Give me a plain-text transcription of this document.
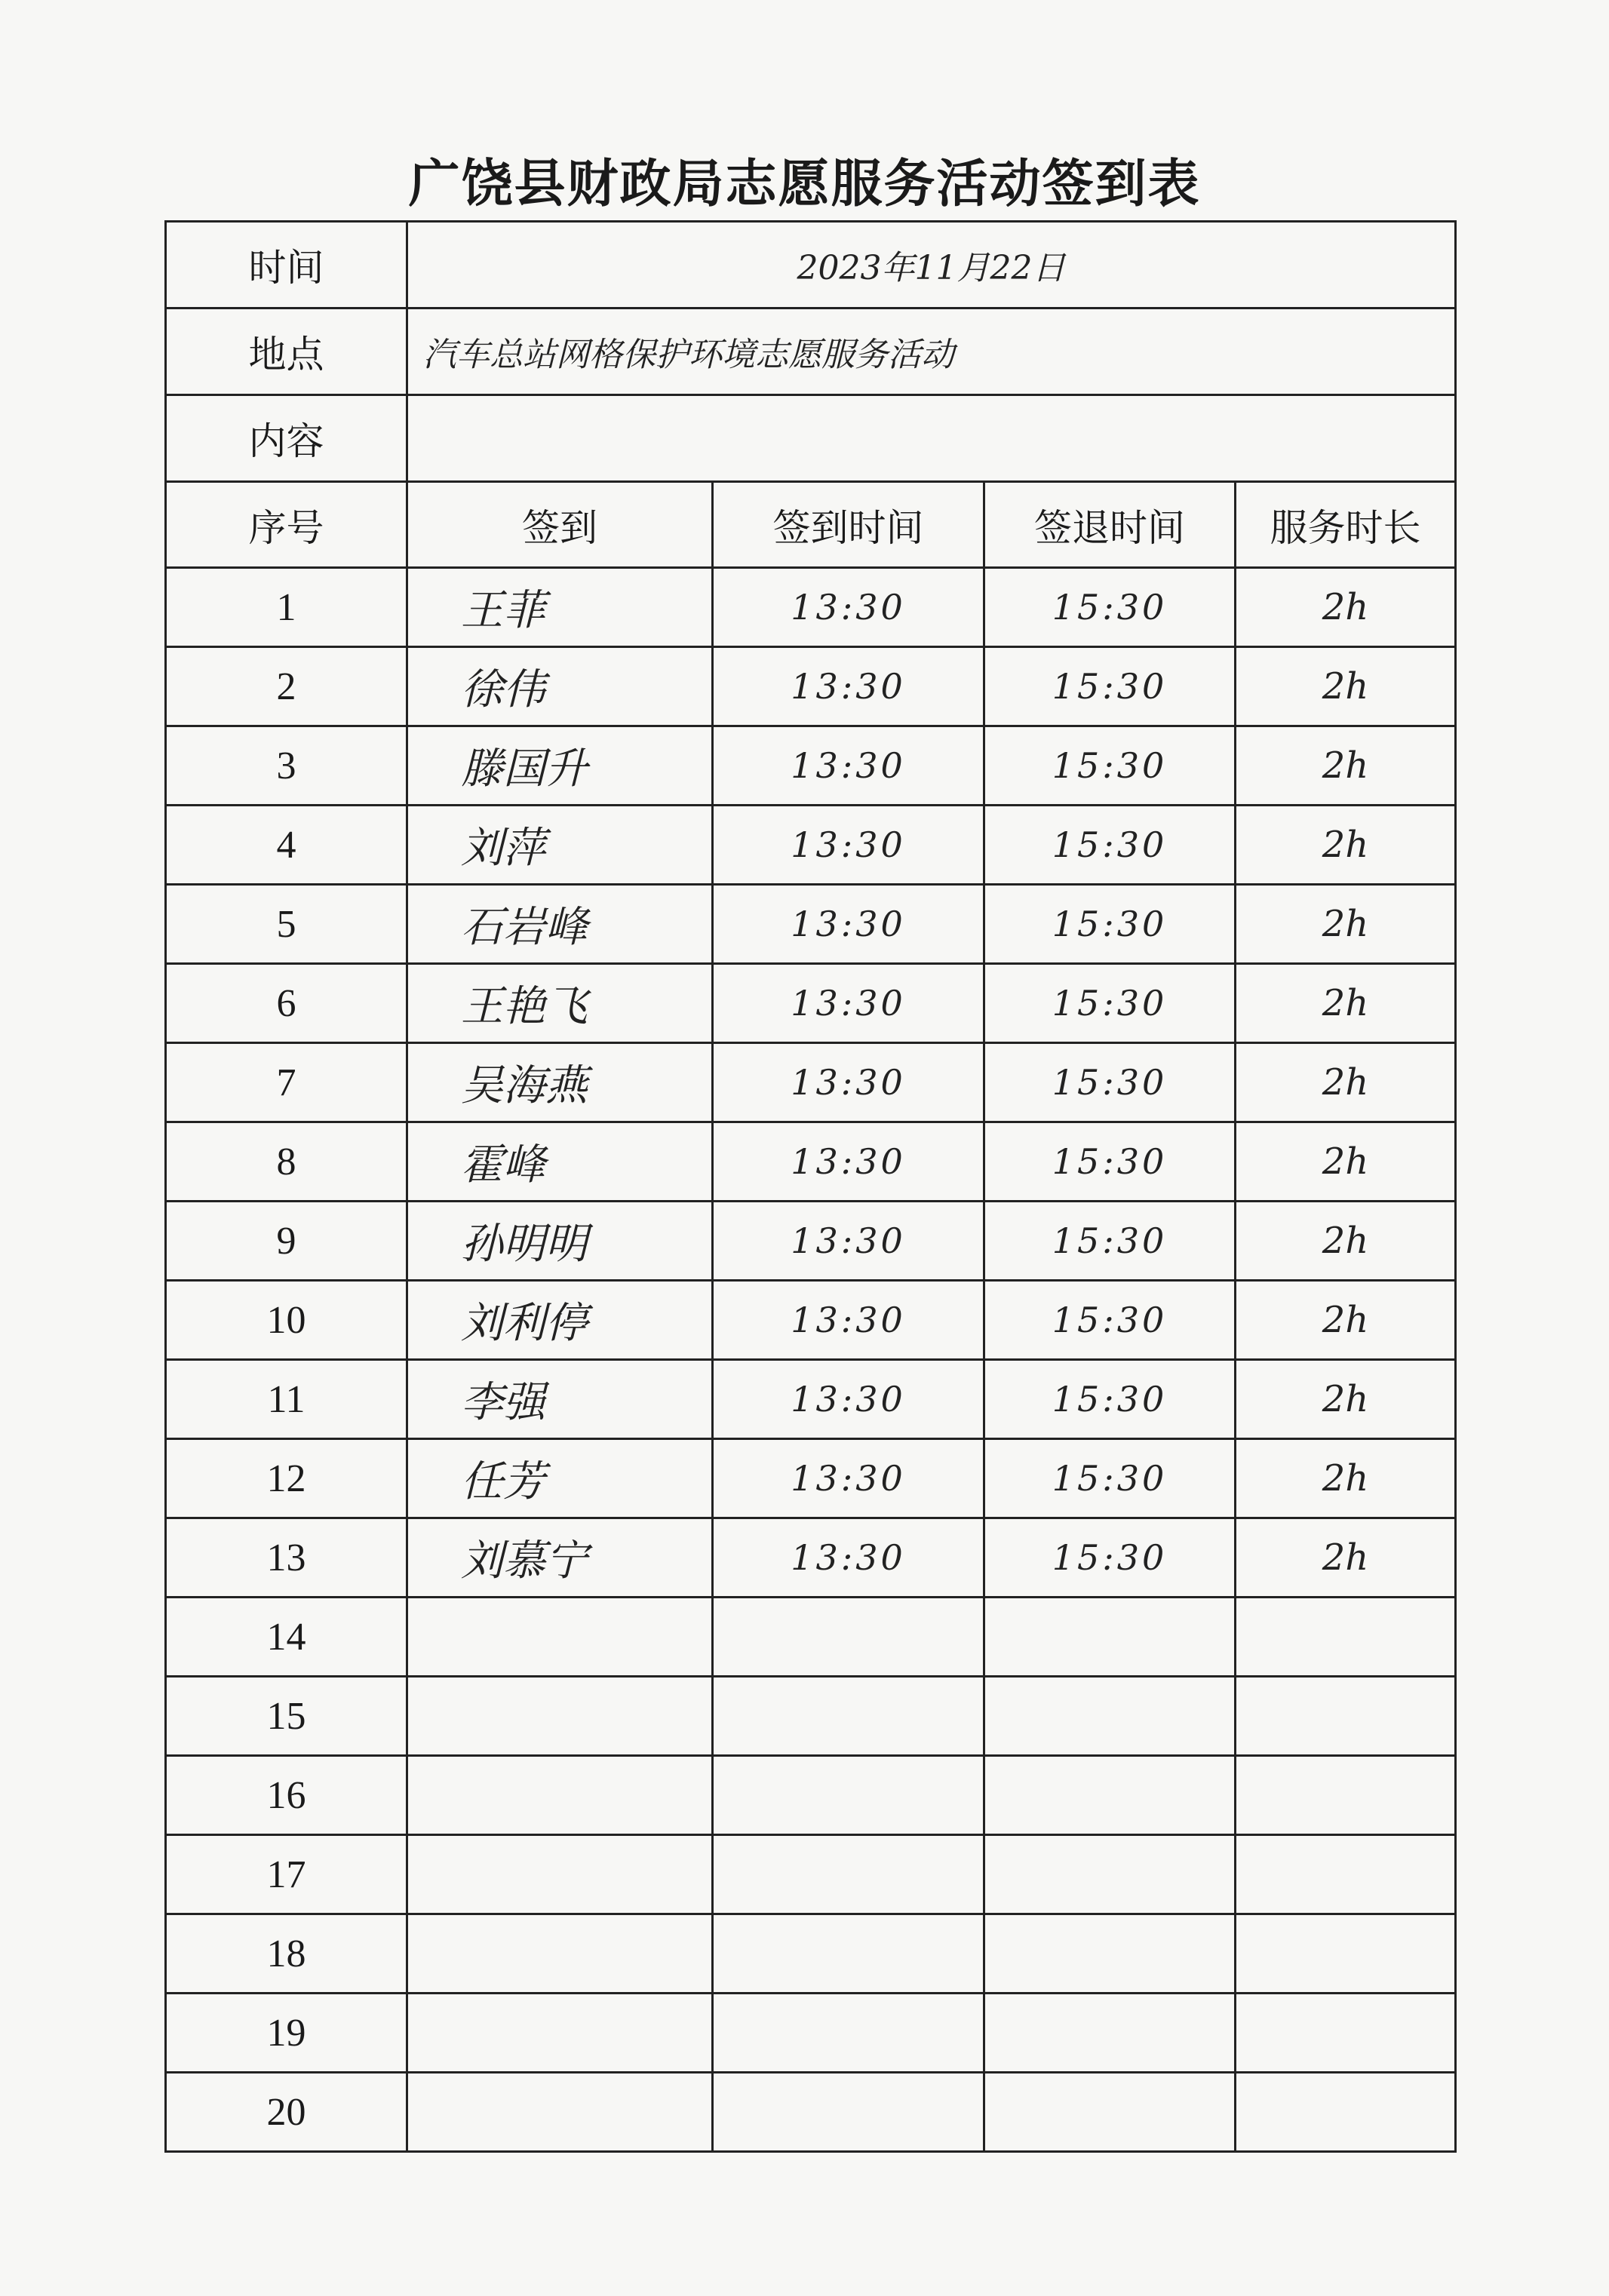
广饶县财政局志愿服务活动签到表
时间	2023年11月22日			
地点	汽车总站网格保护环境志愿服务活动			
内容				
序号	签到	签到时间	签退时间	服务时长
1	王菲	13:30	15:30	2h
2	徐伟	13:30	15:30	2h
3	滕国升	13:30	15:30	2h
4	刘萍	13:30	15:30	2h
5	石岩峰	13:30	15:30	2h
6	王艳飞	13:30	15:30	2h
7	吴海燕	13:30	15:30	2h
8	霍峰	13:30	15:30	2h
9	孙明明	13:30	15:30	2h
10	刘利停	13:30	15:30	2h
11	李强	13:30	15:30	2h
12	任芳	13:30	15:30	2h
13	刘慕宁	13:30	15:30	2h
14				
15				
16				
17				
18				
19				
20				
